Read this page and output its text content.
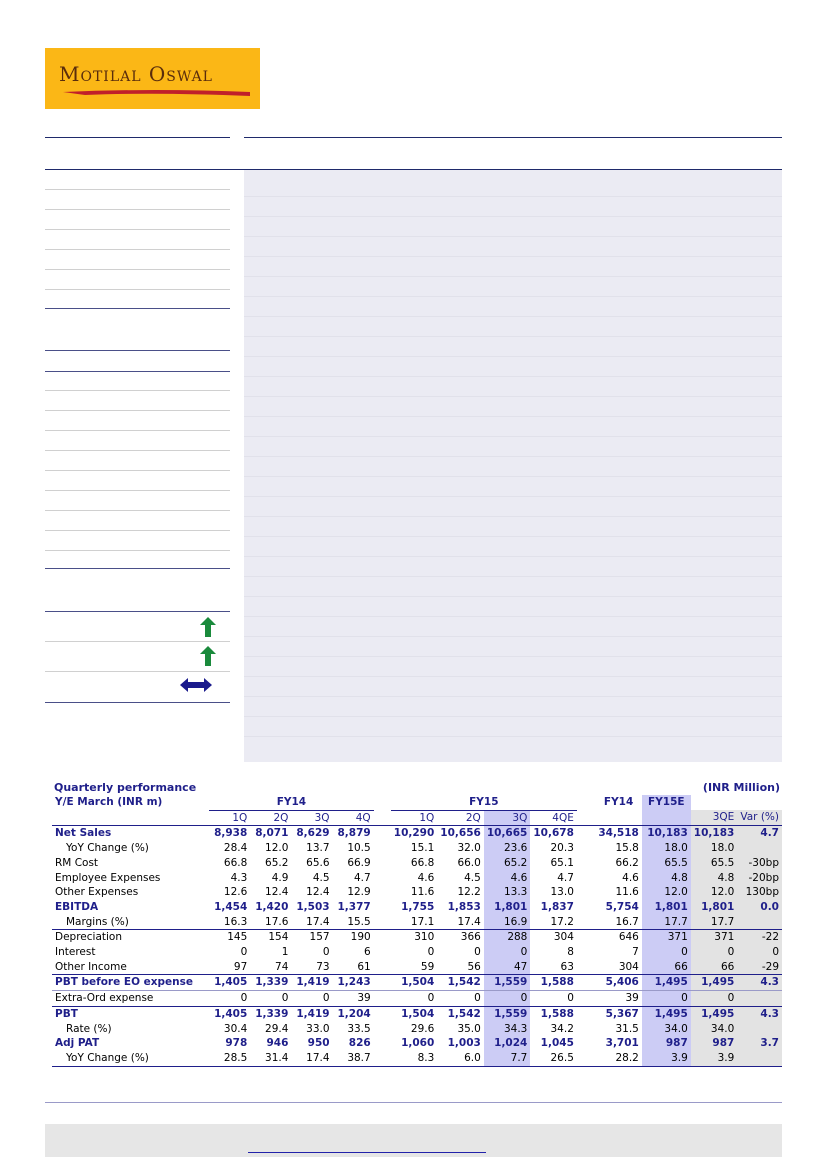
Motilal Oswal
Quarterly performance	(INR Million)
Y/E March (INR m)	FY14					FY15					FY14	FY15E		
	1Q	2Q	3Q	4Q		1Q	2Q	3Q	4QE				3QE	Var (%)
Net Sales	8,938	8,071	8,629	8,879		10,290	10,656	10,665	10,678		34,518	10,183	10,183	4.7
YoY Change (%)	28.4	12.0	13.7	10.5		15.1	32.0	23.6	20.3		15.8	18.0	18.0	
RM Cost	66.8	65.2	65.6	66.9		66.8	66.0	65.2	65.1		66.2	65.5	65.5	-30bp
Employee Expenses	4.3	4.9	4.5	4.7		4.6	4.5	4.6	4.7		4.6	4.8	4.8	-20bp
Other Expenses	12.6	12.4	12.4	12.9		11.6	12.2	13.3	13.0		11.6	12.0	12.0	130bp
EBITDA	1,454	1,420	1,503	1,377		1,755	1,853	1,801	1,837		5,754	1,801	1,801	0.0
Margins (%)	16.3	17.6	17.4	15.5		17.1	17.4	16.9	17.2		16.7	17.7	17.7	
Depreciation	145	154	157	190		310	366	288	304		646	371	371	-22
Interest	0	1	0	6		0	0	0	8		7	0	0	0
Other Income	97	74	73	61		59	56	47	63		304	66	66	-29
PBT before EO expense	1,405	1,339	1,419	1,243		1,504	1,542	1,559	1,588		5,406	1,495	1,495	4.3
Extra-Ord expense	0	0	0	39		0	0	0	0		39	0	0	
PBT	1,405	1,339	1,419	1,204		1,504	1,542	1,559	1,588		5,367	1,495	1,495	4.3
Rate (%)	30.4	29.4	33.0	33.5		29.6	35.0	34.3	34.2		31.5	34.0	34.0	
Adj PAT	978	946	950	826		1,060	1,003	1,024	1,045		3,701	987	987	3.7
YoY Change (%)	28.5	31.4	17.4	38.7		8.3	6.0	7.7	26.5		28.2	3.9	3.9	
